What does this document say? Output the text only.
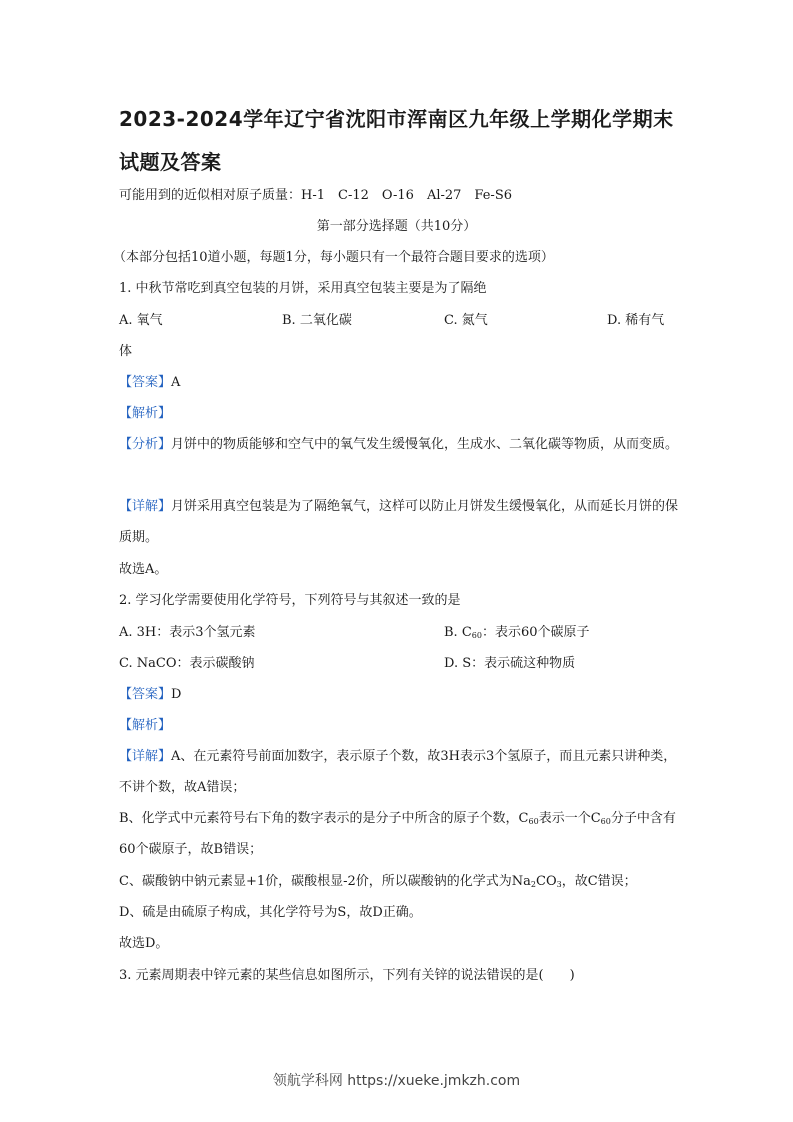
2023-2024学年辽宁省沈阳市浑南区九年级上学期化学期末试题及答案
可能用到的近似相对原子质量：H-1　C-12　O-16　Al-27　Fe-S6
第一部分选择题（共10分）
（本部分包括10道小题，每题1分，每小题只有一个最符合题目要求的选项）
1. 中秋节常吃到真空包装的月饼，采用真空包装主要是为了隔绝
A. 氧气	B. 二氧化碳	C. 氮气	D. 稀有气
体
【答案】A
【解析】
【分析】月饼中的物质能够和空气中的氧气发生缓慢氧化，生成水、二氧化碳等物质，从而变质。
【详解】月饼采用真空包装是为了隔绝氧气，这样可以防止月饼发生缓慢氧化，从而延长月饼的保质期。
故选A。
2. 学习化学需要使用化学符号，下列符号与其叙述一致的是
A. 3H：表示3个氢元素	B. $C_{60}$：表示60个碳原子
C. NaCO：表示碳酸钠	D. S：表示硫这种物质
【答案】D
【解析】
【详解】A、在元素符号前面加数字，表示原子个数，故3H表示3个氢原子，而且元素只讲种类，不讲个数，故A错误；
B、化学式中元素符号右下角的数字表示的是分子中所含的原子个数，$C_{60}$表示一个$C_{60}$分子中含有60个碳原子，故B错误；
C、碳酸钠中钠元素显+1价，碳酸根显-2价，所以碳酸钠的化学式为$Na_2CO_3$，故C错误；
D、硫是由硫原子构成，其化学符号为S，故D正确。
故选D。
3. 元素周期表中锌元素的某些信息如图所示，下列有关锌的说法错误的是(　　)
领航学科网 https://xueke.jmkzh.com
